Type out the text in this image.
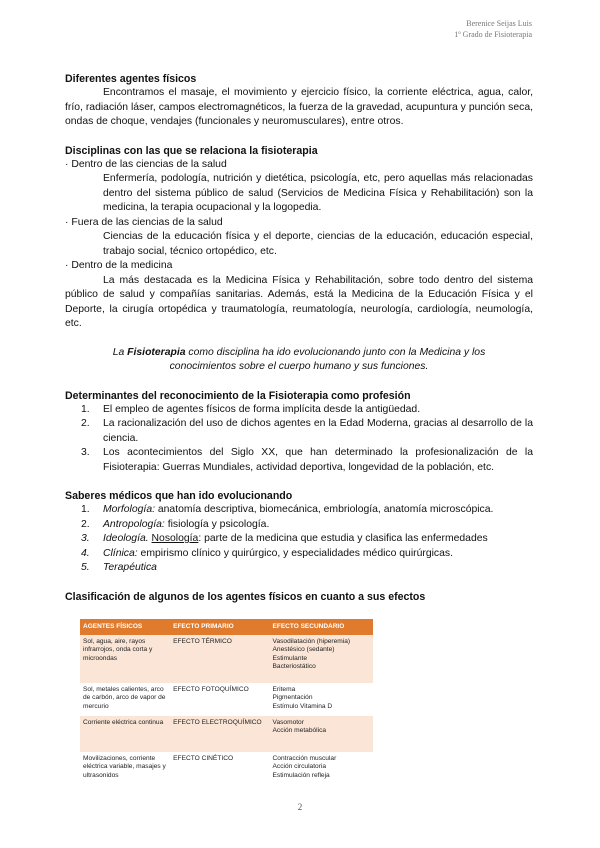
Berenice Seijas Luis
1º Grado de Fisioterapia
Diferentes agentes físicos

Encontramos el masaje, el movimiento y ejercicio físico, la corriente eléctrica, agua, calor, frío, radiación láser, campos electromagnéticos, la fuerza de la gravedad, acupuntura y punción seca, ondas de choque, vendajes (funcionales y neuromusculares), entre otros.

Disciplinas con las que se relaciona la fisioterapia

· Dentro de las ciencias de la salud

Enfermería, podología, nutrición y dietética, psicología, etc, pero aquellas más relacionadas dentro del sistema público de salud (Servicios de Medicina Física y Rehabilitación) son la medicina, la terapia ocupacional y la logopedia.

· Fuera de las ciencias de la salud

Ciencias de la educación física y el deporte, ciencias de la educación, educación especial, trabajo social, técnico ortopédico, etc.

· Dentro de la medicina

La más destacada es la Medicina Física y Rehabilitación, sobre todo dentro del sistema público de salud y compañías sanitarias. Además, está la Medicina de la Educación Física y el Deporte, la cirugía ortopédica y traumatología, reumatología, neurología, cardiología, neumología, etc.

La Fisioterapia como disciplina ha ido evolucionando junto con la Medicina y los conocimientos sobre el cuerpo humano y sus funciones.

Determinantes del reconocimiento de la Fisioterapia como profesión
1. El empleo de agentes físicos de forma implícita desde la antigüedad.
2. La racionalización del uso de dichos agentes en la Edad Moderna, gracias al desarrollo de la ciencia.
3. Los acontecimientos del Siglo XX, que han determinado la profesionalización de la Fisioterapia: Guerras Mundiales, actividad deportiva, longevidad de la población, etc.
Saberes médicos que han ido evolucionando
1. Morfología: anatomía descriptiva, biomecánica, embriología, anatomía microscópica.
2. Antropología: fisiología y psicología.
3. Ideología. Nosología: parte de la medicina que estudia y clasifica las enfermedades
4. Clínica: empirismo clínico y quirúrgico, y especialidades médico quirúrgicas.
5. Terapéutica
Clasificación de algunos de los agentes físicos en cuanto a sus efectos
AGENTES FÍSICOS	EFECTO PRIMARIO	EFECTO SECUNDARIO
Sol, agua, aire, rayos infrarrojos, onda corta y microondas	EFECTO TÉRMICO	Vasodilatación (hiperemia)
Anestésico (sedante)
Estimulante
Bacteriostático

Sol, metales calientes, arco de carbón, arco de vapor de mercurio	EFECTO FOTOQUÍMICO	Eritema
Pigmentación
Estímulo Vitamina D

Corriente eléctrica continua	EFECTO ELECTROQUÍMICO	Vasomotor
Acción metabólica

Movilizaciones, corriente eléctrica variable, masajes y ultrasonidos	EFECTO CINÉTICO	Contracción muscular
Acción circulatoria
Estimulación refleja
2
